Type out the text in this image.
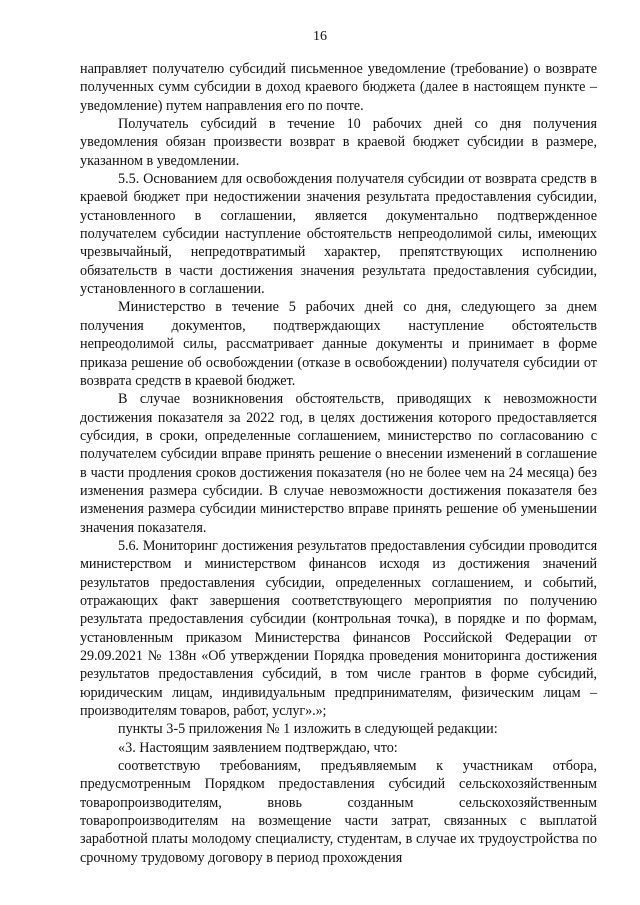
16

направляет получателю субсидий письменное уведомление (требование) о возврате полученных сумм субсидии в доход краевого бюджета (далее в настоящем пункте – уведомление) путем направления его по почте.

Получатель субсидий в течение 10 рабочих дней со дня получения уведомления обязан произвести возврат в краевой бюджет субсидии в размере, указанном в уведомлении.

5.5. Основанием для освобождения получателя субсидии от возврата средств в краевой бюджет при недостижении значения результата предоставления субсидии, установленного в соглашении, является документально подтвержденное получателем субсидии наступление обстоятельств непреодолимой силы, имеющих чрезвычайный, непредотвратимый характер, препятствующих исполнению обязательств в части достижения значения результата предоставления субсидии, установленного в соглашении.

Министерство в течение 5 рабочих дней со дня, следующего за днем получения документов, подтверждающих наступление обстоятельств непреодолимой силы, рассматривает данные документы и принимает в форме приказа решение об освобождении (отказе в освобождении) получателя субсидии от возврата средств в краевой бюджет.

В случае возникновения обстоятельств, приводящих к невозможности достижения показателя за 2022 год, в целях достижения которого предоставляется субсидия, в сроки, определенные соглашением, министерство по согласованию с получателем субсидии вправе принять решение о внесении изменений в соглашение в части продления сроков достижения показателя (но не более чем на 24 месяца) без изменения размера субсидии. В случае невозможности достижения показателя без изменения размера субсидии министерство вправе принять решение об уменьшении значения показателя.

5.6. Мониторинг достижения результатов предоставления субсидии проводится министерством и министерством финансов исходя из достижения значений результатов предоставления субсидии, определенных соглашением, и событий, отражающих факт завершения соответствующего мероприятия по получению результата предоставления субсидии (контрольная точка), в порядке и по формам, установленным приказом Министерства финансов Российской Федерации от 29.09.2021 № 138н «Об утверждении Порядка проведения мониторинга достижения результатов предоставления субсидий, в том числе грантов в форме субсидий, юридическим лицам, индивидуальным предпринимателям, физическим лицам – производителям товаров, работ, услуг».»;

пункты 3-5 приложения № 1 изложить в следующей редакции:

«3. Настоящим заявлением подтверждаю, что:

соответствую требованиям, предъявляемым к участникам отбора, предусмотренным Порядком предоставления субсидий сельскохозяйственным товаропроизводителям, вновь созданным сельскохозяйственным товаропроизводителям на возмещение части затрат, связанных с выплатой заработной платы молодому специалисту, студентам, в случае их трудоустройства по срочному трудовому договору в период прохождения
